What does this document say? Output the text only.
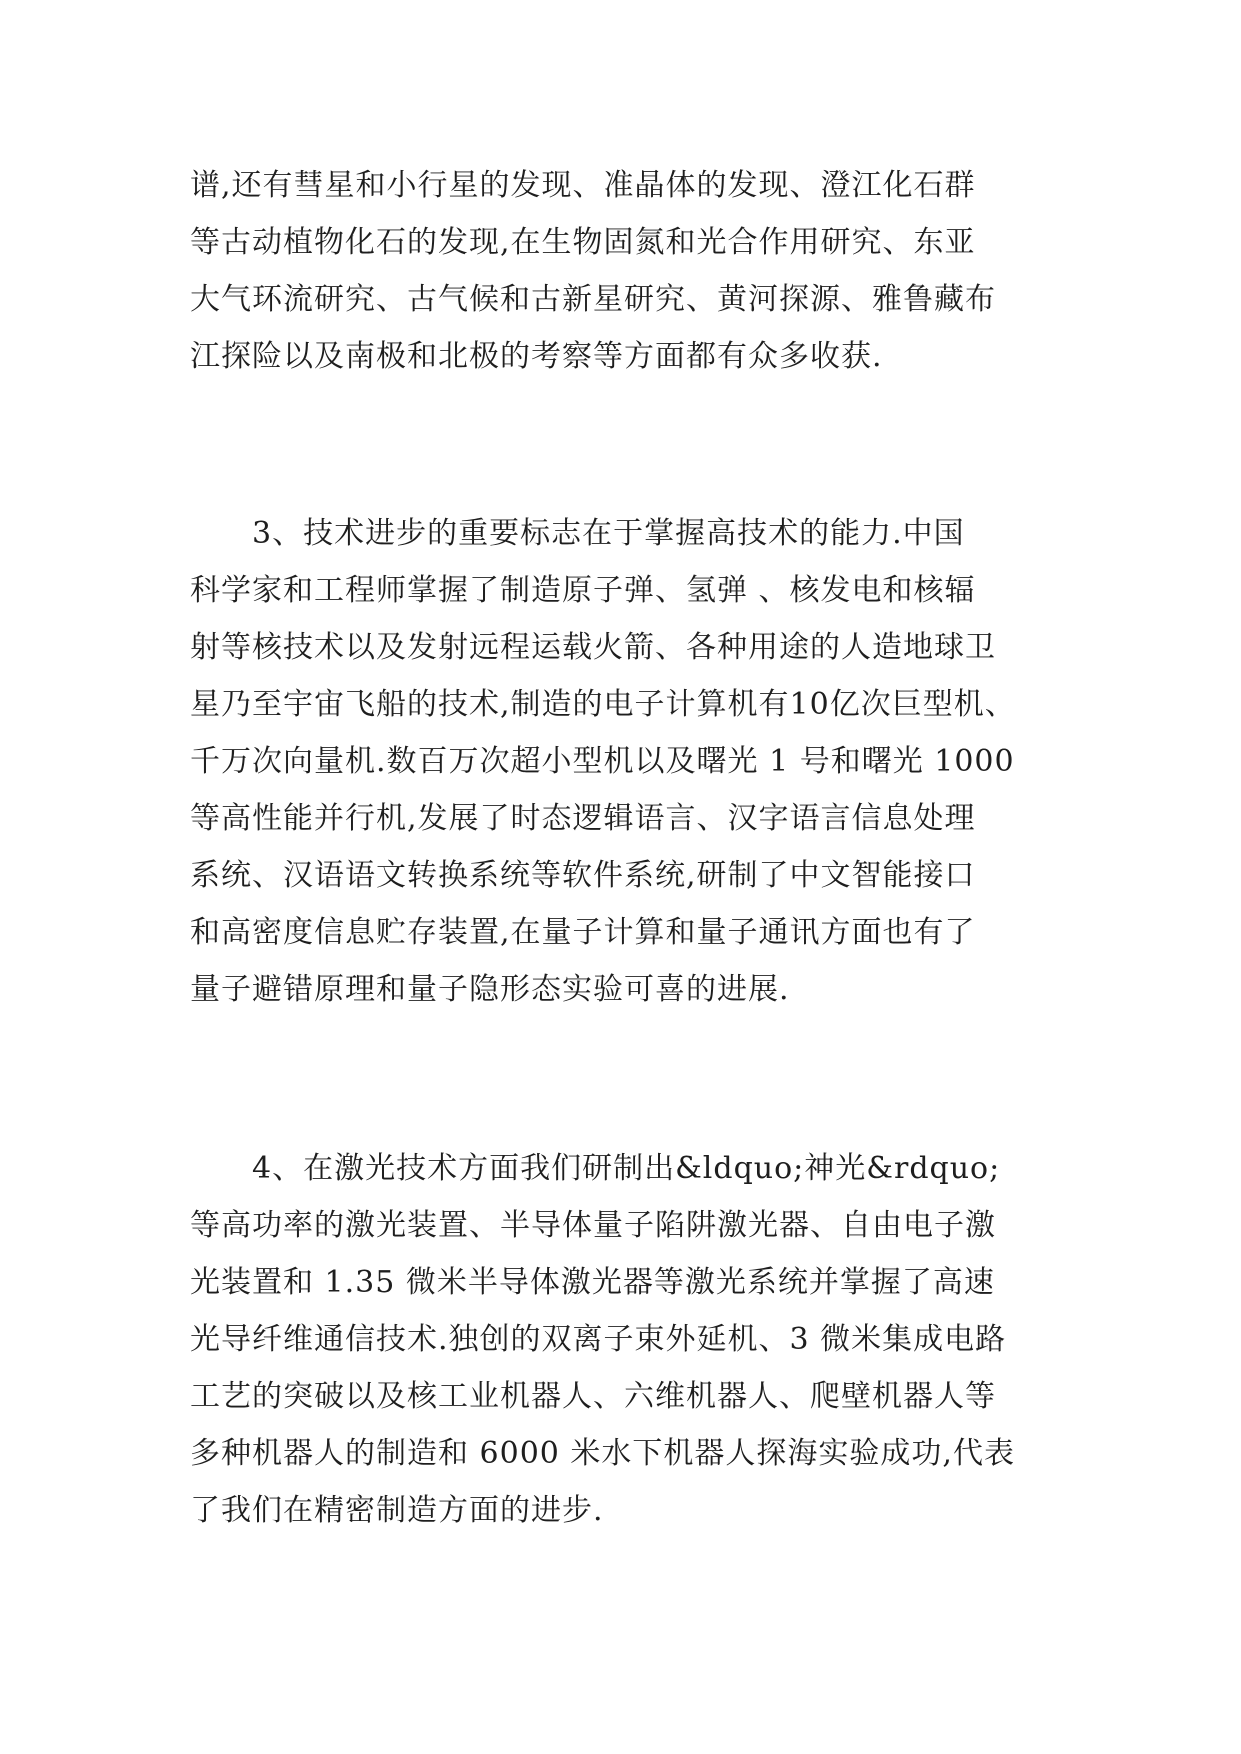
谱,还有彗星和小行星的发现、准晶体的发现、澄江化石群
等古动植物化石的发现,在生物固氮和光合作用研究、东亚
大气环流研究、古气候和古新星研究、黄河探源、雅鲁藏布
江探险以及南极和北极的考察等方面都有众多收获.
　　3、技术进步的重要标志在于掌握高技术的能力.中国
科学家和工程师掌握了制造原子弹、氢弹 、核发电和核辐
射等核技术以及发射远程运载火箭、各种用途的人造地球卫
星乃至宇宙飞船的技术,制造的电子计算机有10亿次巨型机、
千万次向量机.数百万次超小型机以及曙光 1 号和曙光 1000
等高性能并行机,发展了时态逻辑语言、汉字语言信息处理
系统、汉语语文转换系统等软件系统,研制了中文智能接口
和高密度信息贮存装置,在量子计算和量子通讯方面也有了
量子避错原理和量子隐形态实验可喜的进展.
　　4、在激光技术方面我们研制出&ldquo;神光&rdquo;
等高功率的激光装置、半导体量子陷阱激光器、自由电子激
光装置和 1.35 微米半导体激光器等激光系统并掌握了高速
光导纤维通信技术.独创的双离子束外延机、3 微米集成电路
工艺的突破以及核工业机器人、六维机器人、爬壁机器人等
多种机器人的制造和 6000 米水下机器人探海实验成功,代表
了我们在精密制造方面的进步.
